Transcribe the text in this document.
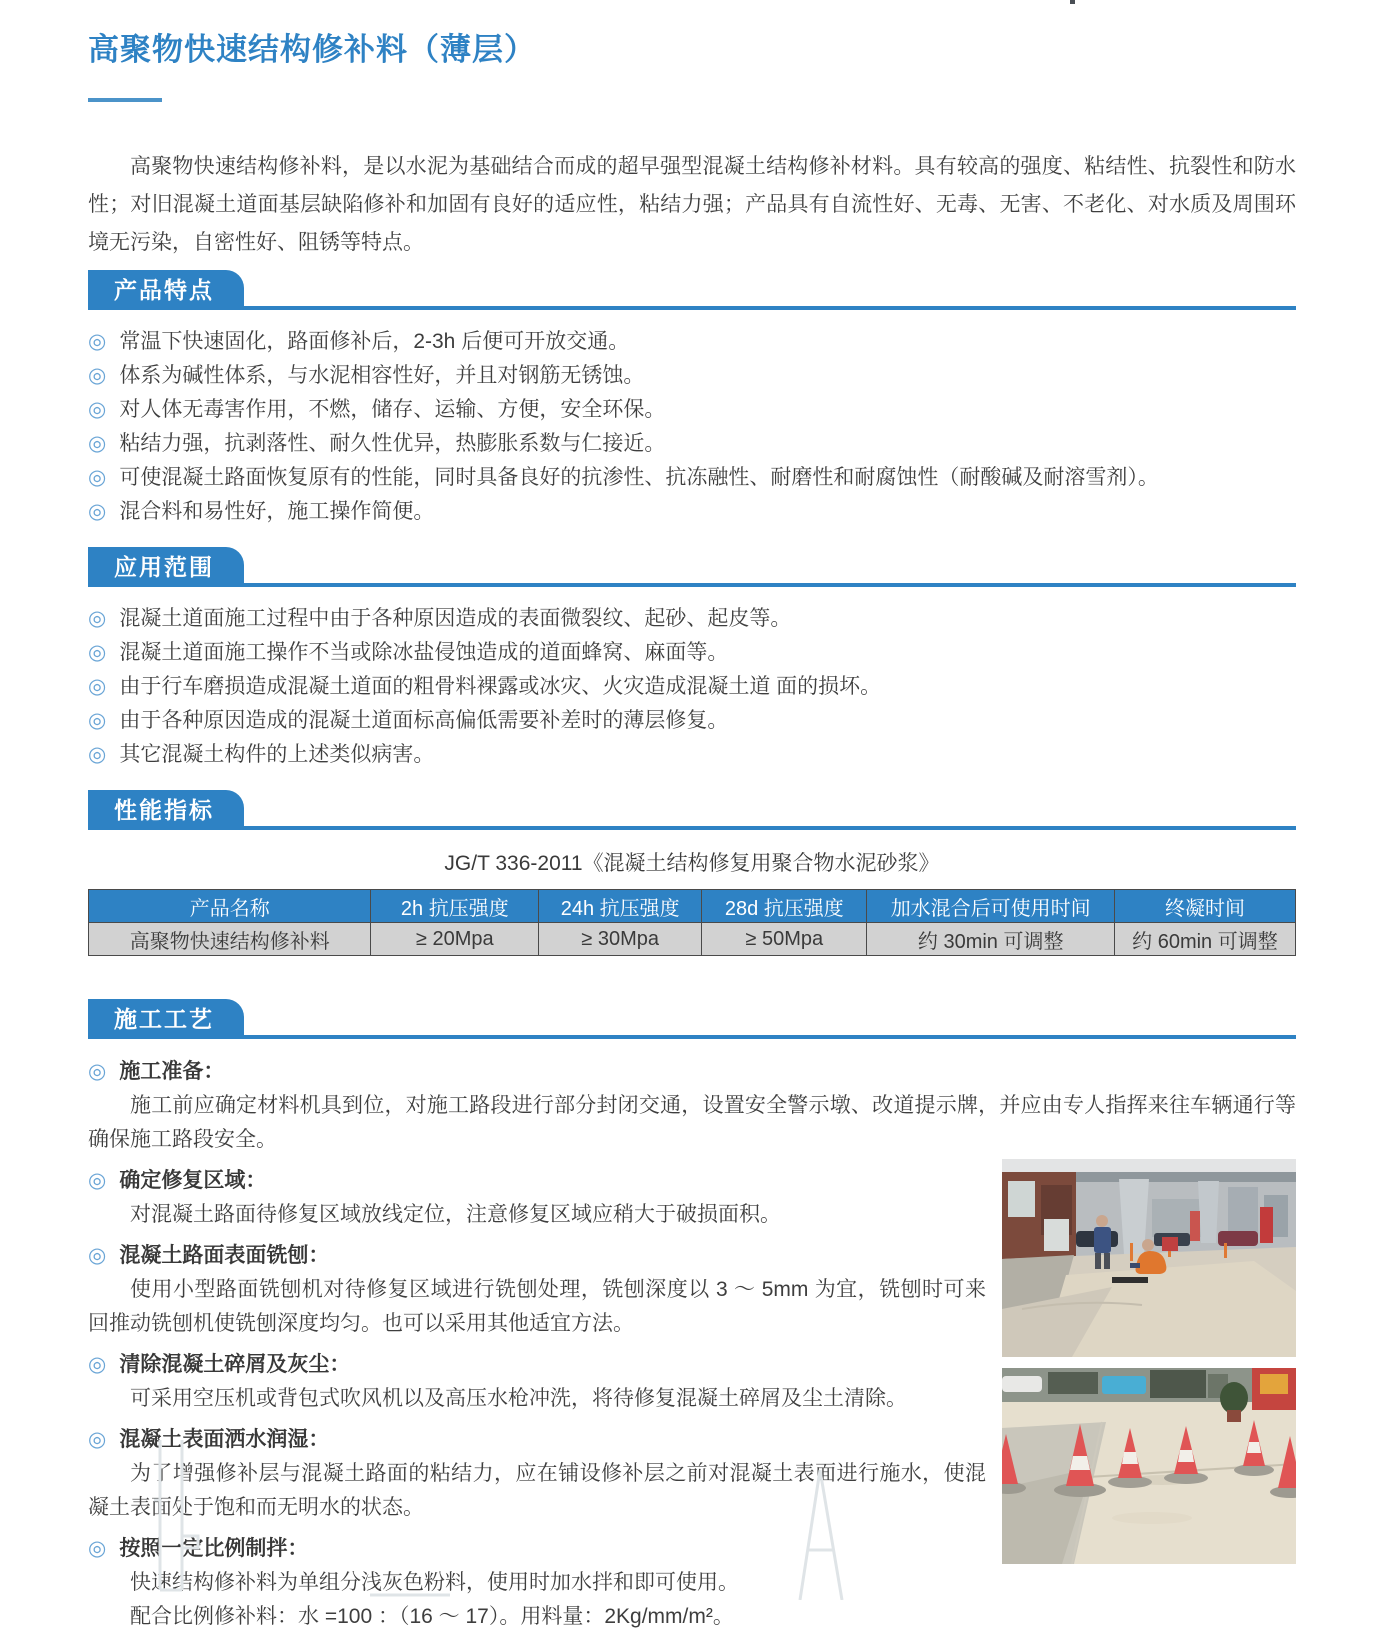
高聚物快速结构修补料（薄层）

高聚物快速结构修补料，是以水泥为基础结合而成的超早强型混凝土结构修补材料。具有较高的强度、粘结性、抗裂性和防水性；对旧混凝土道面基层缺陷修补和加固有良好的适应性，粘结力强；产品具有自流性好、无毒、无害、不老化、对水质及周围环境无污染，自密性好、阻锈等特点。

产品特点
◎ 常温下快速固化，路面修补后，2-3h 后便可开放交通。
◎ 体系为碱性体系，与水泥相容性好，并且对钢筋无锈蚀。
◎ 对人体无毒害作用，不燃，储存、运输、方便，安全环保。
◎ 粘结力强，抗剥落性、耐久性优异，热膨胀系数与仁接近。
◎ 可使混凝土路面恢复原有的性能，同时具备良好的抗渗性、抗冻融性、耐磨性和耐腐蚀性（耐酸碱及耐溶雪剂）。
◎ 混合料和易性好，施工操作简便。
应用范围
◎ 混凝土道面施工过程中由于各种原因造成的表面微裂纹、起砂、起皮等。
◎ 混凝土道面施工操作不当或除冰盐侵蚀造成的道面蜂窝、麻面等。
◎ 由于行车磨损造成混凝土道面的粗骨料裸露或冰灾、火灾造成混凝土道 面的损坏。
◎ 由于各种原因造成的混凝土道面标高偏低需要补差时的薄层修复。
◎ 其它混凝土构件的上述类似病害。
性能指标
JG/T 336-2011《混凝土结构修复用聚合物水泥砂浆》
产品名称	2h 抗压强度	24h 抗压强度	28d 抗压强度	加水混合后可使用时间	终凝时间
高聚物快速结构修补料	≥ 20Mpa	≥ 30Mpa	≥ 50Mpa	约 30min 可调整	约 60min 可调整
施工工艺
◎ 施工准备：
施工前应确定材料机具到位，对施工路段进行部分封闭交通，设置安全警示墩、改道提示牌，并应由专人指挥来往车辆通行等确保施工路段安全。
◎ 确定修复区域：
对混凝土路面待修复区域放线定位，注意修复区域应稍大于破损面积。
◎ 混凝土路面表面铣刨：
使用小型路面铣刨机对待修复区域进行铣刨处理，铣刨深度以 3 ～ 5mm 为宜，铣刨时可来回推动铣刨机使铣刨深度均匀。也可以采用其他适宜方法。
◎ 清除混凝土碎屑及灰尘：
可采用空压机或背包式吹风机以及高压水枪冲洗，将待修复混凝土碎屑及尘土清除。
◎ 混凝土表面洒水润湿：
为了增强修补层与混凝土路面的粘结力，应在铺设修补层之前对混凝土表面进行施水，使混凝土表面处于饱和而无明水的状态。
◎ 按照一定比例制拌：
快速结构修补料为单组分浅灰色粉料，使用时加水拌和即可使用。
配合比例修补料：水 =100 ：（16 ～ 17）。用料量：2Kg/mm/m²。
